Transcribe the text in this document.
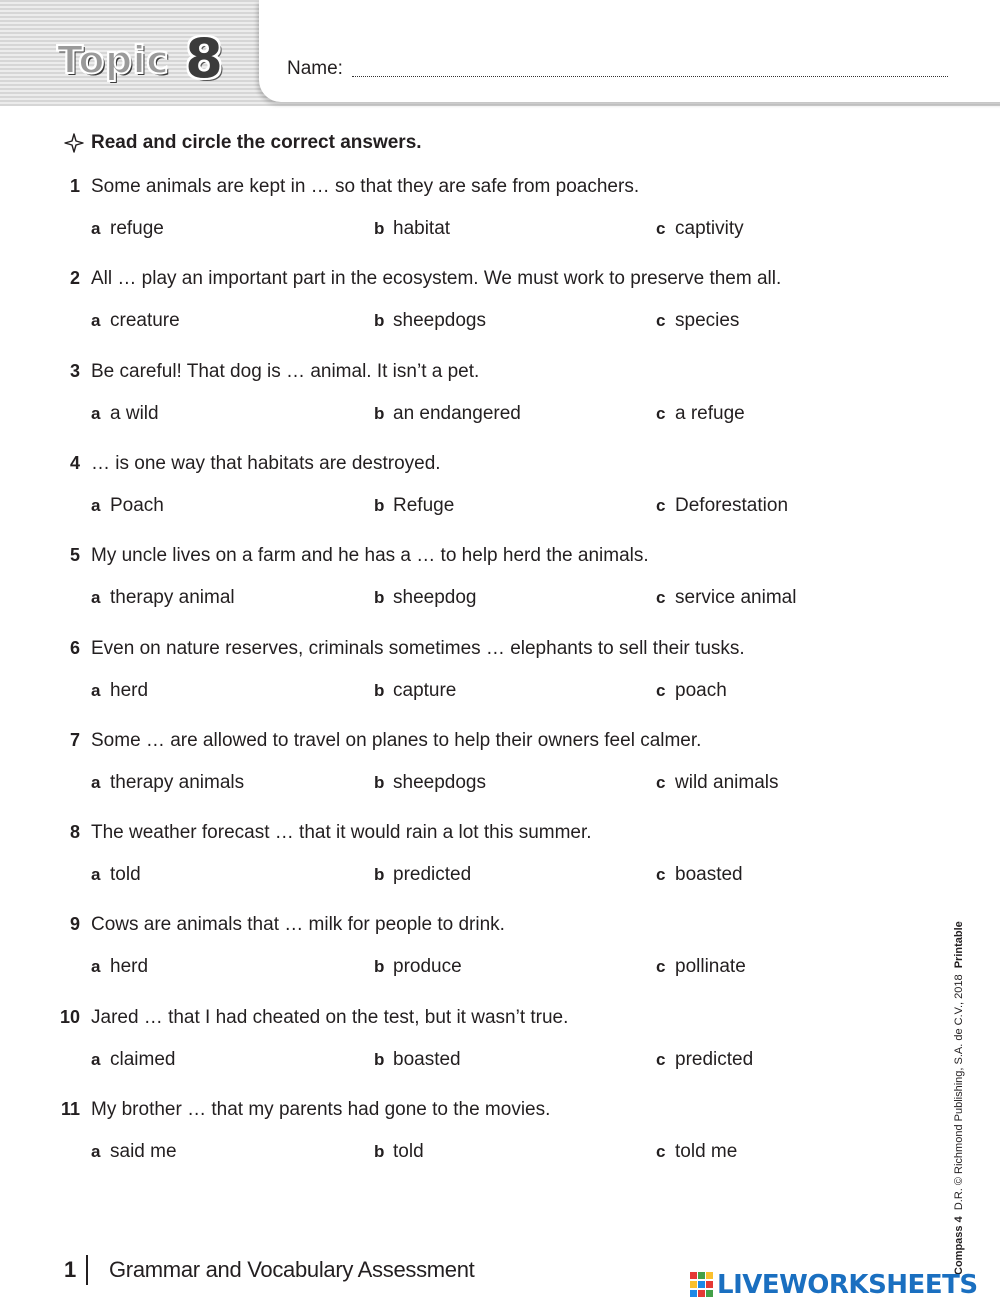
Topic 8	Name:
Read and circle the correct answers.
1 Some animals are kept in … so that they are safe from poachers.
a refuge	b habitat	c captivity
2 All … play an important part in the ecosystem. We must work to preserve them all.
a creature	b sheepdogs	c species
3 Be careful! That dog is … animal. It isn’t a pet.
a a wild	b an endangered	c a refuge
4 … is one way that habitats are destroyed.
a Poach	b Refuge	c Deforestation
5 My uncle lives on a farm and he has a … to help herd the animals.
a therapy animal	b sheepdog	c service animal
6 Even on nature reserves, criminals sometimes … elephants to sell their tusks.
a herd	b capture	c poach
7 Some … are allowed to travel on planes to help their owners feel calmer.
a therapy animals	b sheepdogs	c wild animals
8 The weather forecast … that it would rain a lot this summer.
a told	b predicted	c boasted
9 Cows are animals that … milk for people to drink.
a herd	b produce	c pollinate
10 Jared … that I had cheated on the test, but it wasn’t true.
a claimed	b boasted	c predicted
11 My brother … that my parents had gone to the movies.
a said me	b told	c told me
1 Grammar and Vocabulary Assessment	Compass 4  D.R. © Richmond Publishing, S.A. de C.V., 2018  Printable
LIVEWORKSHEETS
